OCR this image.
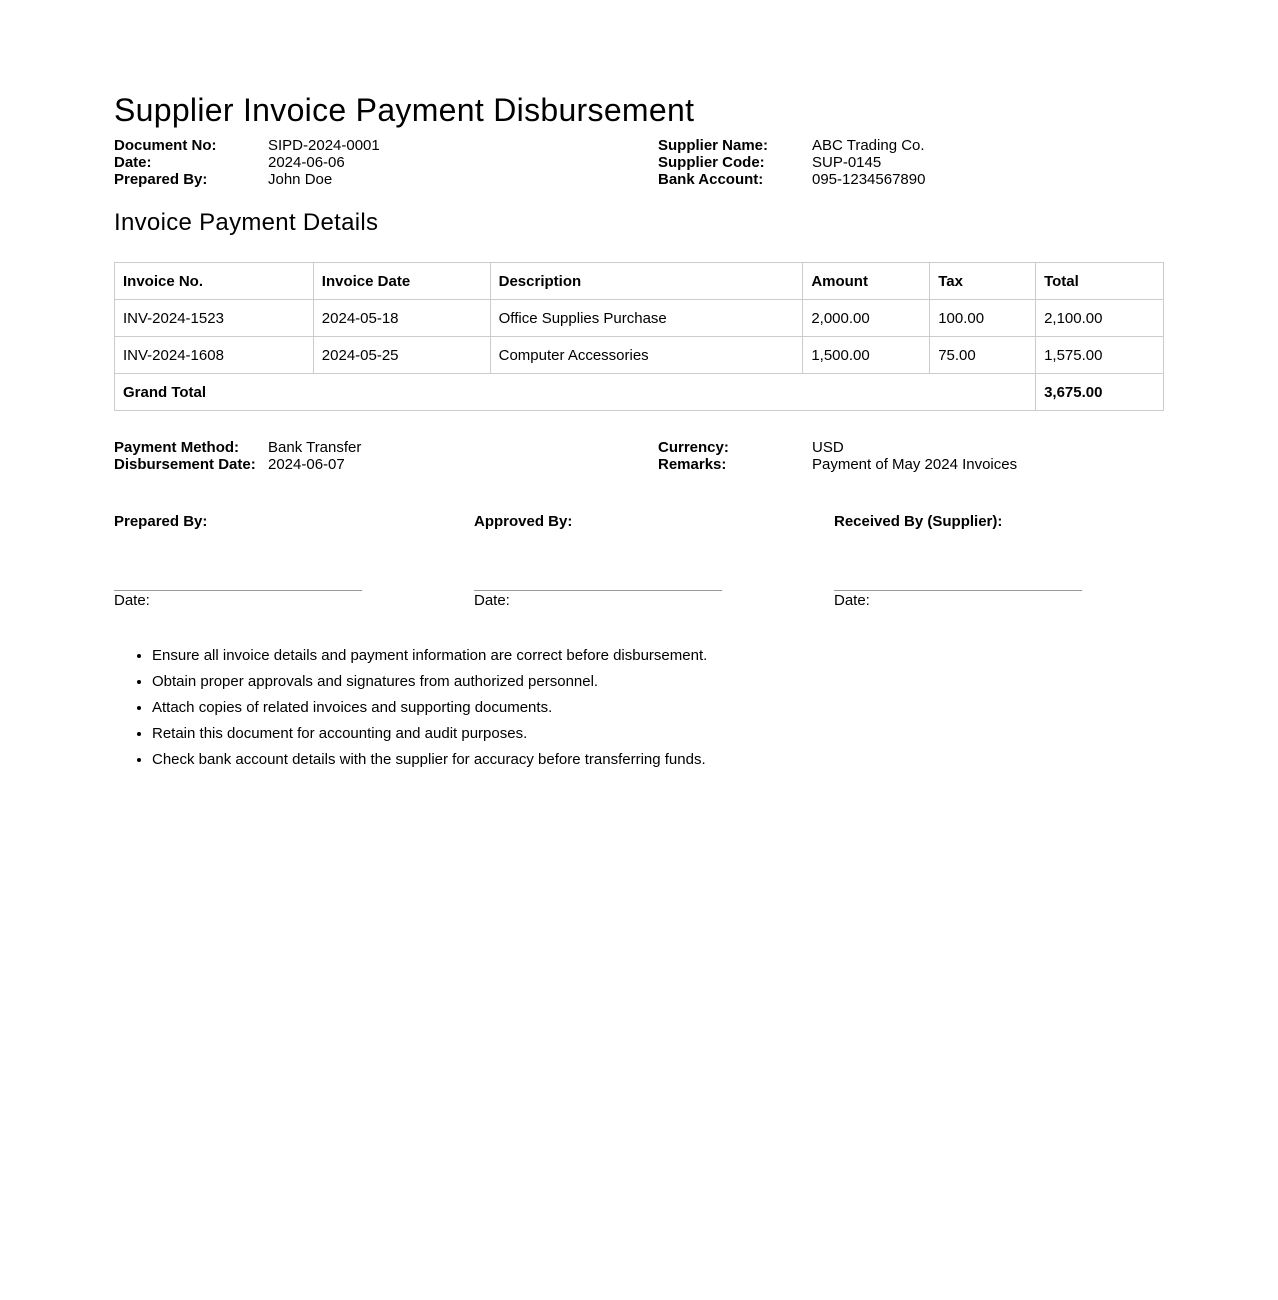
Supplier Invoice Payment Disbursement
Document No:	SIPD-2024-0001
Date:	2024-06-06
Prepared By:	John Doe
Supplier Name:	ABC Trading Co.
Supplier Code:	SUP-0145
Bank Account:	095-1234567890
Invoice Payment Details
Invoice No.	Invoice Date	Description	Amount	Tax	Total
INV-2024-1523	2024-05-18	Office Supplies Purchase	2,000.00	100.00	2,100.00
INV-2024-1608	2024-05-25	Computer Accessories	1,500.00	75.00	1,575.00
Grand Total					3,675.00
Payment Method:	Bank Transfer
Disbursement Date: 2024-06-07
Currency:	USD
Remarks:	Payment of May 2024 Invoices
Prepared By:
Date:
Approved By:
Date:
Received By (Supplier):
Date:
• Ensure all invoice details and payment information are correct before disbursement.
• Obtain proper approvals and signatures from authorized personnel.
• Attach copies of related invoices and supporting documents.
• Retain this document for accounting and audit purposes.
• Check bank account details with the supplier for accuracy before transferring funds.
